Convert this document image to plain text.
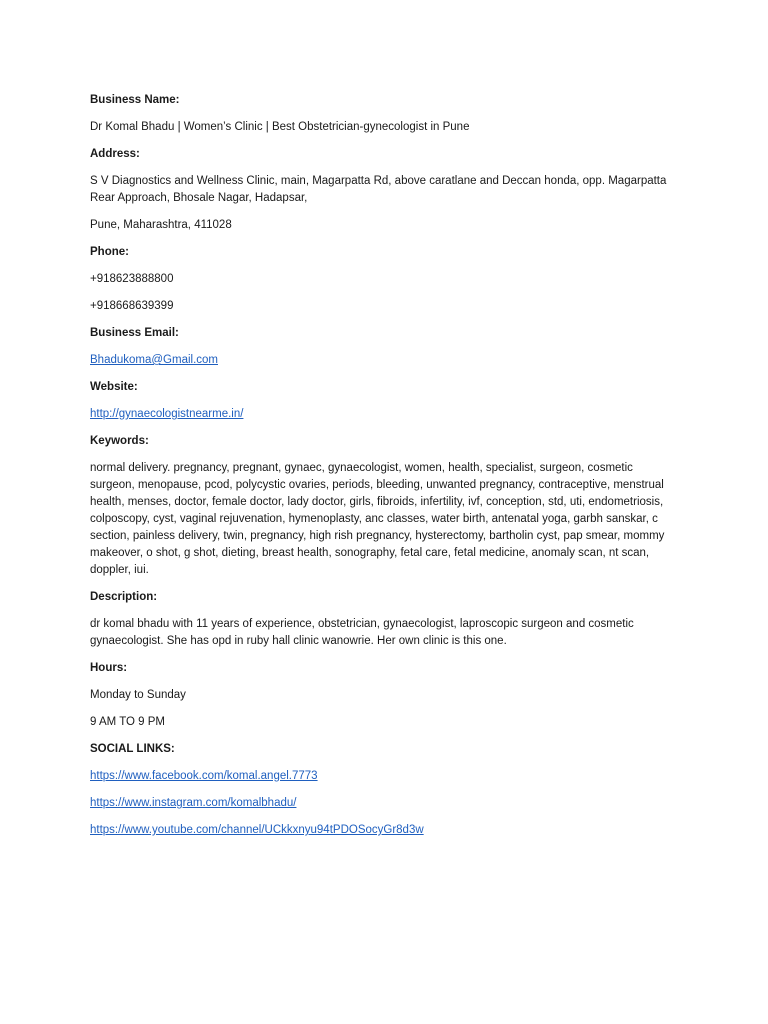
Business Name:
Dr Komal Bhadu | Women’s Clinic | Best Obstetrician-gynecologist in Pune
Address:
S V Diagnostics and Wellness Clinic, main, Magarpatta Rd, above caratlane and Deccan honda, opp. Magarpatta Rear Approach, Bhosale Nagar, Hadapsar,
Pune, Maharashtra, 411028
Phone:
+918623888800
+918668639399
Business Email:
Bhadukoma@Gmail.com
Website:
http://gynaecologistnearme.in/
Keywords:
normal delivery. pregnancy, pregnant, gynaec, gynaecologist, women, health, specialist, surgeon, cosmetic surgeon, menopause, pcod, polycystic ovaries, periods, bleeding, unwanted pregnancy, contraceptive, menstrual health, menses, doctor, female doctor, lady doctor, girls, fibroids, infertility, ivf, conception, std, uti, endometriosis, colposcopy, cyst, vaginal rejuvenation, hymenoplasty, anc classes, water birth, antenatal yoga, garbh sanskar, c section, painless delivery, twin, pregnancy, high rish pregnancy, hysterectomy, bartholin cyst, pap smear, mommy makeover, o shot, g shot, dieting, breast health, sonography, fetal care, fetal medicine, anomaly scan, nt scan, doppler, iui.
Description:
dr komal bhadu with 11 years of experience, obstetrician, gynaecologist, laproscopic surgeon and cosmetic gynaecologist. She has opd in ruby hall clinic wanowrie. Her own clinic is this one.
Hours:
Monday to Sunday
9 AM TO 9 PM
SOCIAL LINKS:
https://www.facebook.com/komal.angel.7773
https://www.instagram.com/komalbhadu/
https://www.youtube.com/channel/UCkkxnyu94tPDOSocyGr8d3w
